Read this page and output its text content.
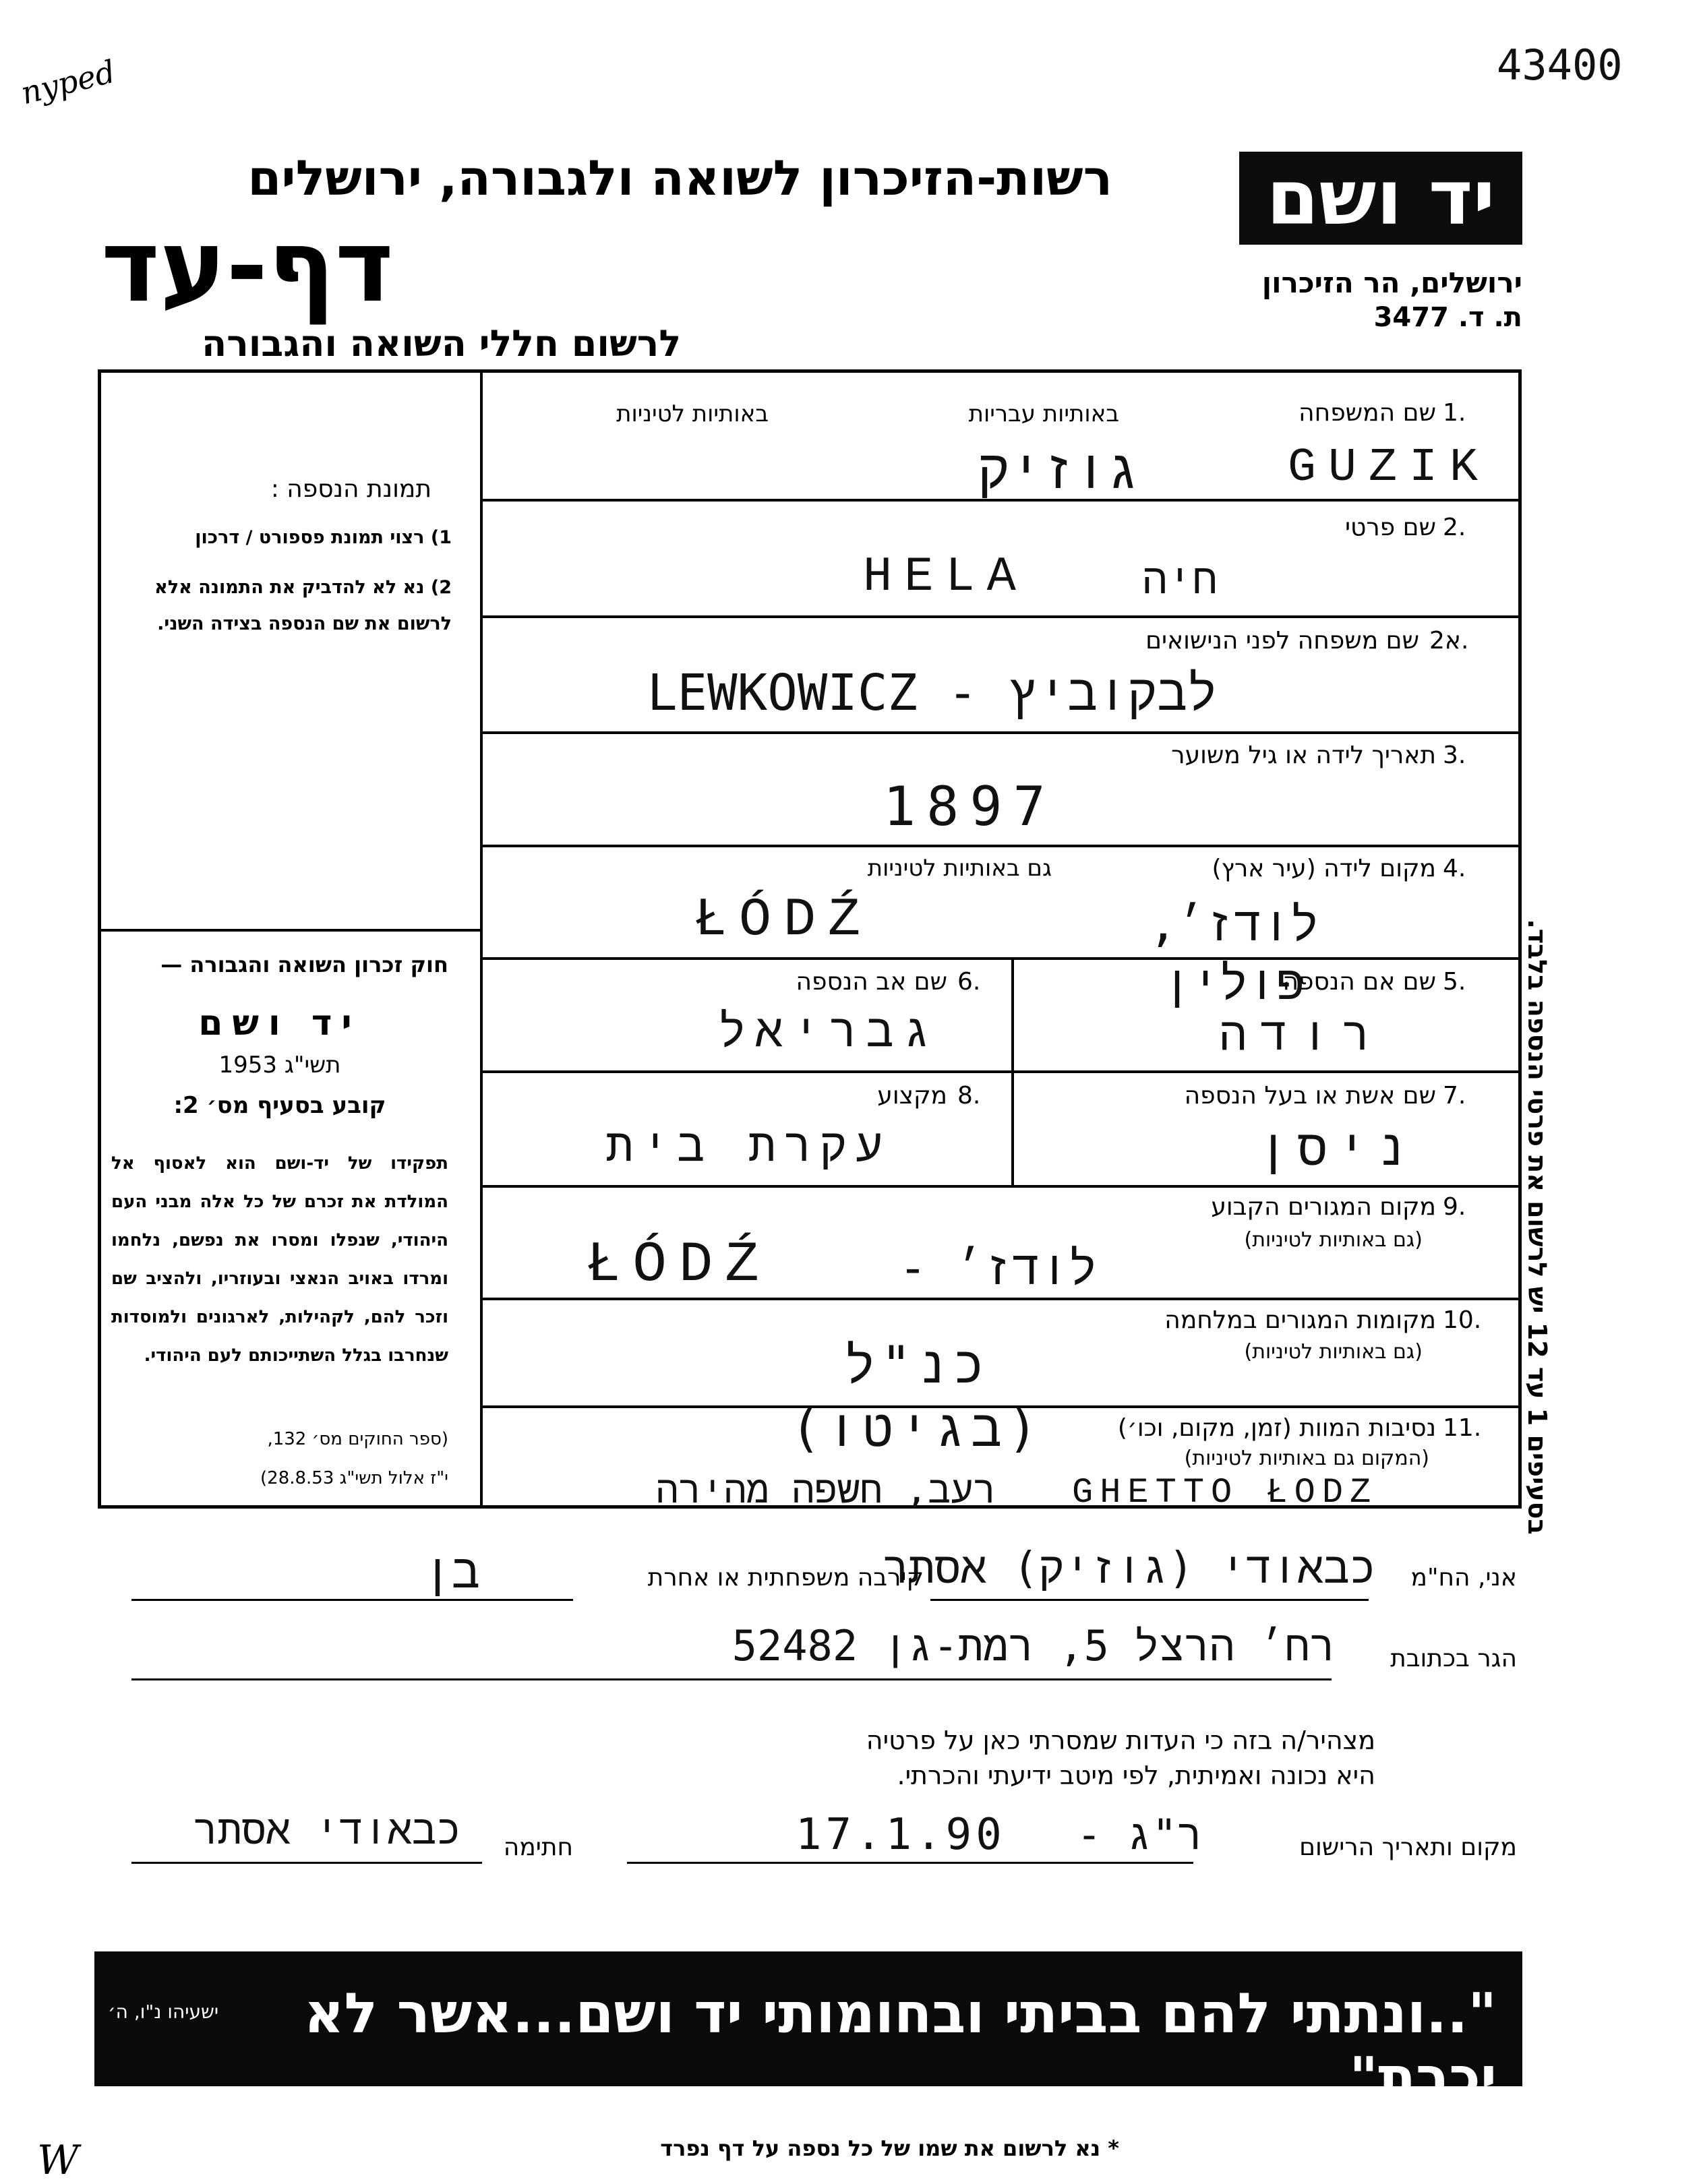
43400
nyped
יד ושם
ירושלים, הר הזיכרון
ת. ד. 3477
רשות-הזיכרון לשואה ולגבורה, ירושלים
דף-עד
לרשום חללי השואה והגבורה
תמונת הנספה :
1) רצוי תמונת פספורט / דרכון
2) נא לא להדביק את התמונה אלא לרשום את שם הנספה בצידה השני.
חוק זכרון השואה והגבורה —
יד ושם
תשי"ג 1953
קובע בסעיף מס׳ 2:
תפקידו של יד-ושם הוא לאסוף אל המולדת את זכרם של כל אלה מבני העם היהודי, שנפלו ומסרו את נפשם, נלחמו ומרדו באויב הנאצי ובעוזריו, ולהציב שם וזכר להם, לקהילות, לארגונים ולמוסדות שנחרבו בגלל השתייכותם לעם היהודי.
(ספר החוקים מס׳ 132,
י"ז אלול תשי"ג 28.8.53)
בסעיפים 1 עד 12 יש לרשום את פרטי הנספה בלבד.
1.
שם המשפחה
באותיות עבריות
באותיות לטיניות
גוזיק	GUZIK
2.
שם פרטי
HELA	חיה
2א.
שם משפחה לפני הנישואים
LEWKOWICZ - לבקוביץ
3.
תאריך לידה או גיל משוער
1897
4.
מקום לידה (עיר ארץ)
גם באותיות לטיניות
ŁÓDŹ	לודז׳, פולין	5.
שם אם הנספה
רודה
6.
שם אב הנספה
גבריאל
7.
שם אשת או בעל הנספה
ניסן
8.
מקצוע
עקרת בית
9.
מקום המגורים הקבוע
(גם באותיות לטיניות)
ŁÓDŹ	לודז׳ -
10.
מקומות המגורים במלחמה
(גם באותיות לטיניות)
כנ"ל (בגיטו)	11.
נסיבות המוות (זמן, מקום, וכו׳)
(המקום גם באותיות לטיניות)
רעב, חשפה מהירה	GHETTO ŁODZ
אני, הח"מ
כבאודי (גוזיק) אסתר
קירבה משפחתית או אחרת
בן
הגר בכתובת
רח׳ הרצל 5, רמת-גן 52482
מצהיר/ה בזה כי העדות שמסרתי כאן על פרטיה
היא נכונה ואמיתית, לפי מיטב ידיעתי והכרתי.
מקום ותאריך הרישום
ר"ג -
17.1.90
חתימה
כבאודי אסתר
"..ונתתי להם בביתי ובחומותי יד ושם...אשר לא יכרת"
ישעיהו נ"ו, ה׳
* נא לרשום את שמו של כל נספה על דף נפרד
W
